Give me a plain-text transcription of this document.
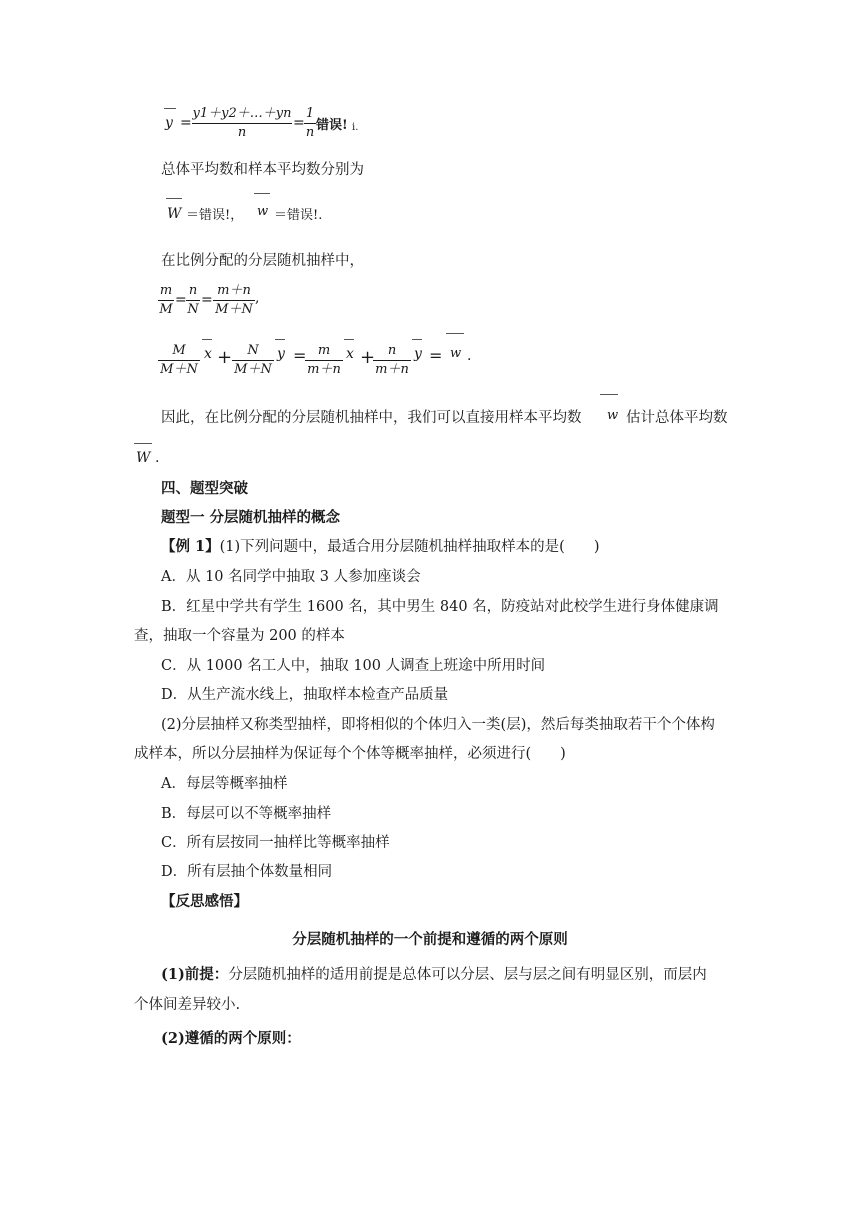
y =
y1＋y2＋…＋yn
n
=
1
n 错误! i.
总体平均数和样本平均数分别为
W ＝错误!， w ＝错误!.
在比例分配的分层随机抽样中，
m
M
=
n
N
=
m＋n
M＋N
,
M
M＋N
x +	N
M＋N
y = m
m＋n
x + n
m＋n
y = w .
因此，在比例分配的分层随机抽样中，我们可以直接用样本平均数 w 估计总体平均数
W .
四、题型突破
题型一 分层随机抽样的概念
【例 1】(1)下列问题中，最适合用分层随机抽样抽取样本的是(　　)
A．从 10 名同学中抽取 3 人参加座谈会
B．红星中学共有学生 1600 名，其中男生 840 名，防疫站对此校学生进行身体健康调
查，抽取一个容量为 200 的样本
C．从 1000 名工人中，抽取 100 人调查上班途中所用时间
D．从生产流水线上，抽取样本检查产品质量
(2)分层抽样又称类型抽样，即将相似的个体归入一类(层)，然后每类抽取若干个个体构
成样本，所以分层抽样为保证每个个体等概率抽样，必须进行(　　)
A．每层等概率抽样
B．每层可以不等概率抽样
C．所有层按同一抽样比等概率抽样
D．所有层抽个体数量相同
【反思感悟】
分层随机抽样的一个前提和遵循的两个原则
(1)前提：分层随机抽样的适用前提是总体可以分层、层与层之间有明显区别，而层内
个体间差异较小.
(2)遵循的两个原则：
